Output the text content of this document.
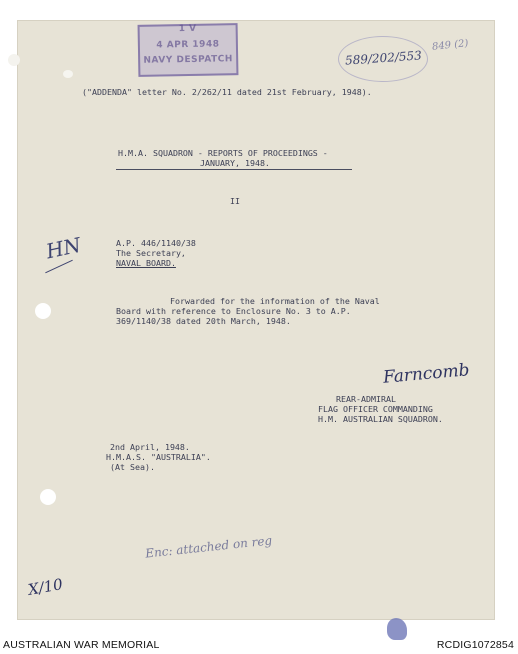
1 V
4 APR 1948
NAVY DESPATCH	589/202/553
849 (2)

("ADDENDA" letter No. 2/262/11 dated 21st February, 1948).

H.M.A. SQUADRON - REPORTS OF PROCEEDINGS -

JANUARY, 1948.

II

HN	A.P. 446/1140/38

The Secretary,

NAVAL BOARD.

Forwarded for the information of the Naval

Board with reference to Enclosure No. 3 to A.P.

369/1140/38 dated 20th March, 1948.

Farncomb

REAR-ADMIRAL

FLAG OFFICER COMMANDING

H.M. AUSTRALIAN SQUADRON.

2nd April, 1948.

H.M.A.S. "AUSTRALIA".

(At Sea).

Enc: attached on reg
X/10
AUSTRALIAN WAR MEMORIAL	RCDIG1072854
